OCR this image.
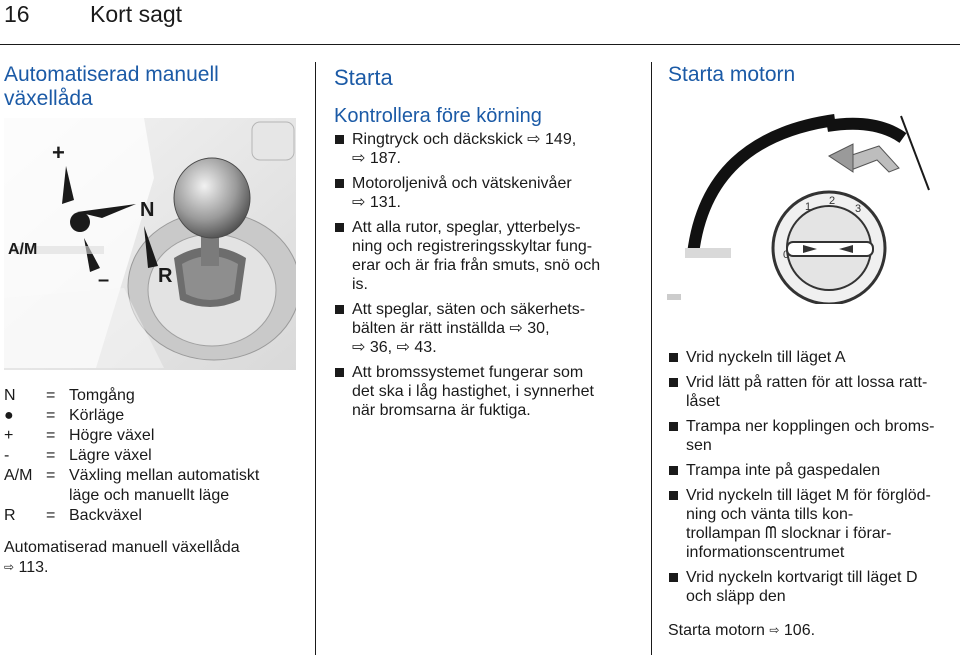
16	Kort sagt
Automatiserad manuell
växellåda
+
N
A/M
– R
N	= Tomgång
●	= Körläge
+	= Högre växel
-	= Lägre växel
A/M = Växling mellan automatiskt
läge och manuellt läge
R	= Backväxel
Automatiserad manuell växellåda
⇨ 113.
Starta
Kontrollera före körning
Ringtryck och däckskick ⇨ 149,
⇨ 187.
Motoroljenivå och vätskenivåer
⇨ 131.
Att alla rutor, speglar, ytterbelys-
ning och registreringsskyltar fung-
erar och är fria från smuts, snö och
is.
Att speglar, säten och säkerhets-
bälten är rätt inställda ⇨ 30,
⇨ 36, ⇨ 43.
Att bromssystemet fungerar som
det ska i låg hastighet, i synnerhet
när bromsarna är fuktiga.
Starta motorn
0
1 2
3
Vrid nyckeln till läget A
Vrid lätt på ratten för att lossa ratt-
låset
Trampa ner kopplingen och broms-
sen
Trampa inte på gaspedalen
Vrid nyckeln till läget M för förglöd-
ning och vänta tills kon-
trollampan ᗰ slocknar i förar-
informationscentrumet
Vrid nyckeln kortvarigt till läget D
och släpp den
Starta motorn ⇨ 106.
